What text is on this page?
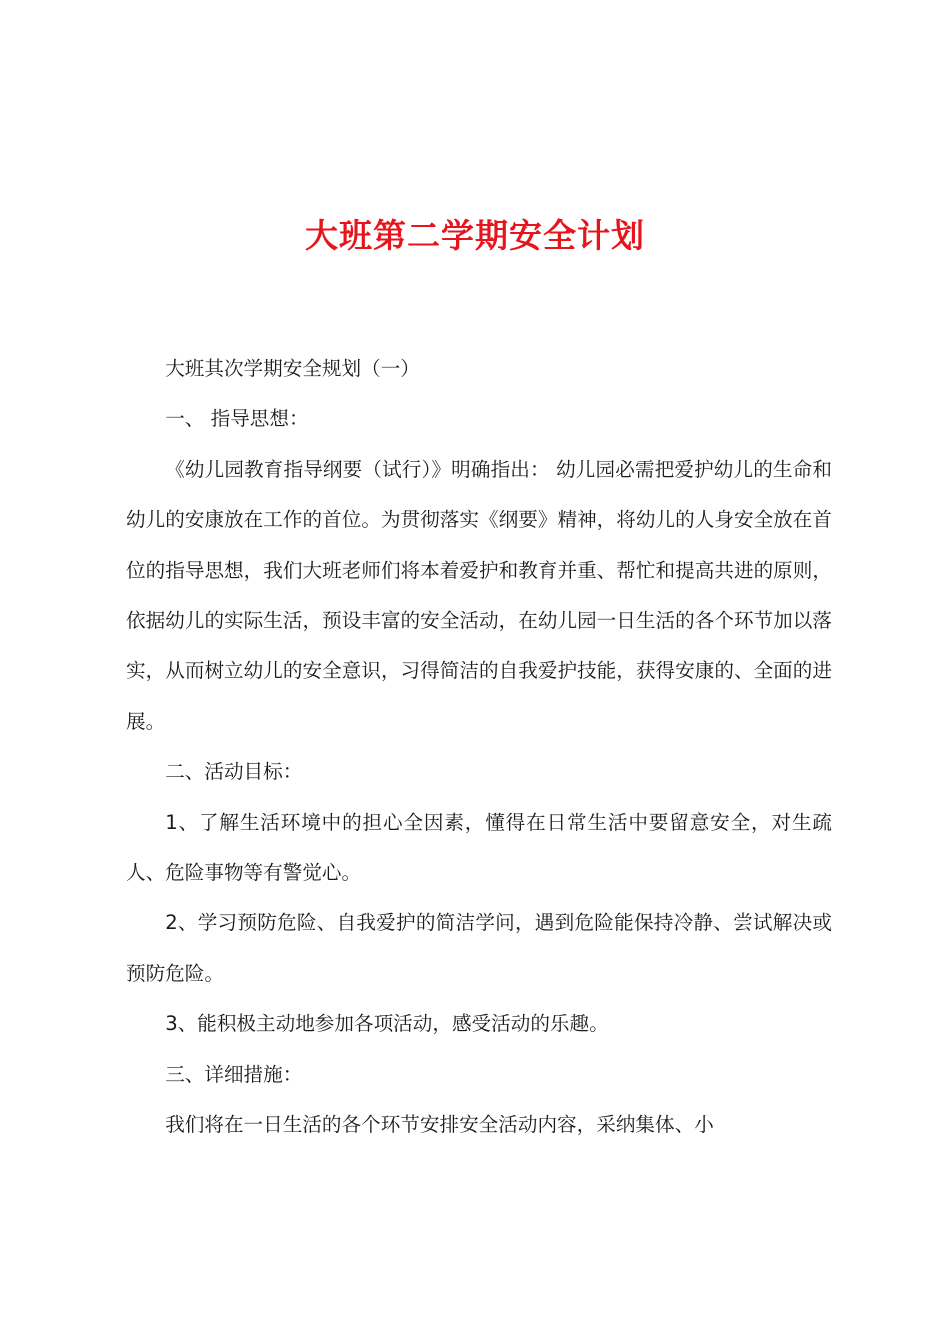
大班第二学期安全计划

大班其次学期安全规划（一）

一、 指导思想：

《幼儿园教育指导纲要（试行）》明确指出： 幼儿园必需把爱护幼儿的生命和幼儿的安康放在工作的首位。为贯彻落实《纲要》精神，将幼儿的人身安全放在首位的指导思想，我们大班老师们将本着爱护和教育并重、帮忙和提高共进的原则，依据幼儿的实际生活，预设丰富的安全活动，在幼儿园一日生活的各个环节加以落实，从而树立幼儿的安全意识，习得简洁的自我爱护技能，获得安康的、全面的进展。

二、活动目标：

1、了解生活环境中的担心全因素，懂得在日常生活中要留意安全，对生疏人、危险事物等有警觉心。

2、学习预防危险、自我爱护的简洁学问，遇到危险能保持冷静、尝试解决或预防危险。

3、能积极主动地参加各项活动，感受活动的乐趣。

三、详细措施：

我们将在一日生活的各个环节安排安全活动内容，采纳集体、小
